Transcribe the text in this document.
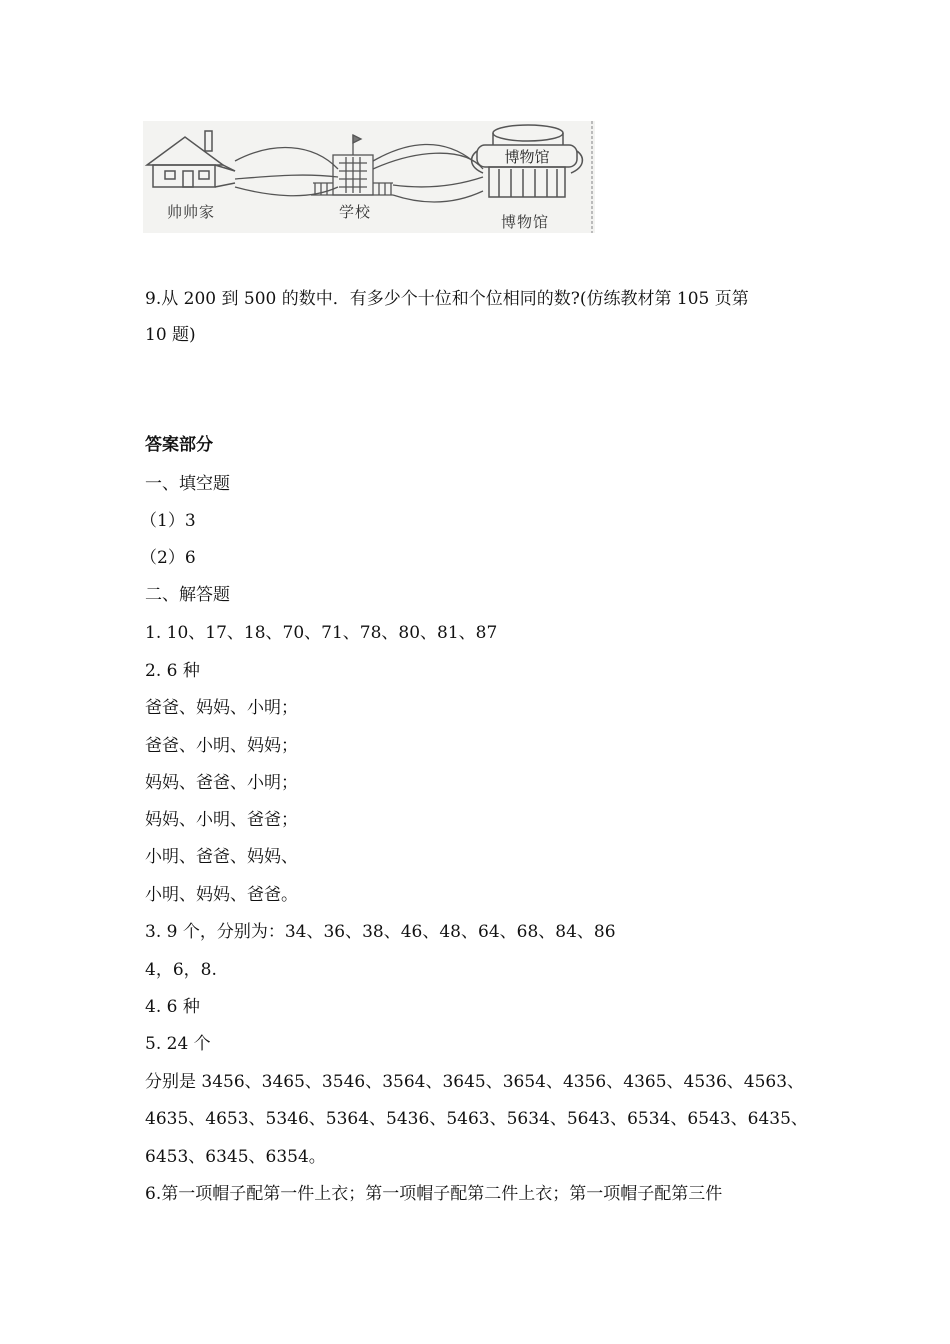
博物馆
帅帅家	学校
博物馆
9.从 200 到 500 的数中．有多少个十位和个位相同的数?(仿练教材第 105 页第
10 题)
答案部分
一、填空题
（1）3
（2）6
二、解答题
1. 10、17、18、70、71、78、80、81、87
2. 6 种
爸爸、妈妈、小明；
爸爸、小明、妈妈；
妈妈、爸爸、小明；
妈妈、小明、爸爸；
小明、爸爸、妈妈、
小明、妈妈、爸爸。
3. 9 个，分别为：34、36、38、46、48、64、68、84、86
4，6，8.
4. 6 种
5. 24 个
分别是 3456、3465、3546、3564、3645、3654、4356、4365、4536、4563、
4635、4653、5346、5364、5436、5463、5634、5643、6534、6543、6435、
6453、6345、6354。
6.第一项帽子配第一件上衣；第一项帽子配第二件上衣；第一项帽子配第三件
